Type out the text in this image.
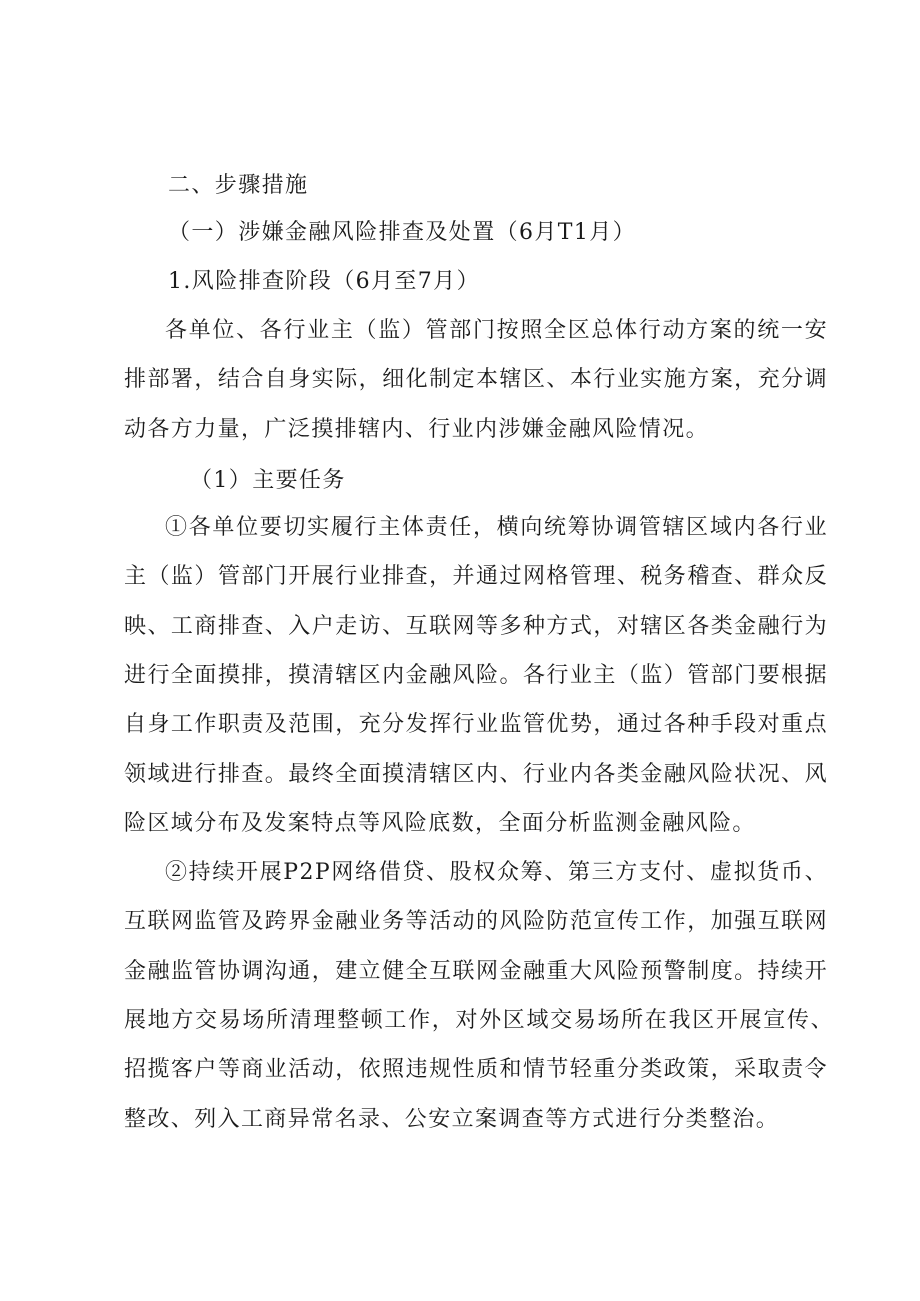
二、步骤措施
（一）涉嫌金融风险排查及处置（6月T1月）
1.风险排查阶段（6月至7月）
各单位、各行业主（监）管部门按照全区总体行动方案的统一安
排部署，结合自身实际，细化制定本辖区、本行业实施方案，充分调
动各方力量，广泛摸排辖内、行业内涉嫌金融风险情况。
（1）主要任务
①各单位要切实履行主体责任，横向统筹协调管辖区域内各行业
主（监）管部门开展行业排查，并通过网格管理、税务稽查、群众反
映、工商排查、入户走访、互联网等多种方式，对辖区各类金融行为
进行全面摸排，摸清辖区内金融风险。各行业主（监）管部门要根据
自身工作职责及范围，充分发挥行业监管优势，通过各种手段对重点
领域进行排查。最终全面摸清辖区内、行业内各类金融风险状况、风
险区域分布及发案特点等风险底数，全面分析监测金融风险。
②持续开展P2P网络借贷、股权众筹、第三方支付、虚拟货币、
互联网监管及跨界金融业务等活动的风险防范宣传工作，加强互联网
金融监管协调沟通，建立健全互联网金融重大风险预警制度。持续开
展地方交易场所清理整顿工作，对外区域交易场所在我区开展宣传、
招揽客户等商业活动，依照违规性质和情节轻重分类政策，采取责令
整改、列入工商异常名录、公安立案调查等方式进行分类整治。
